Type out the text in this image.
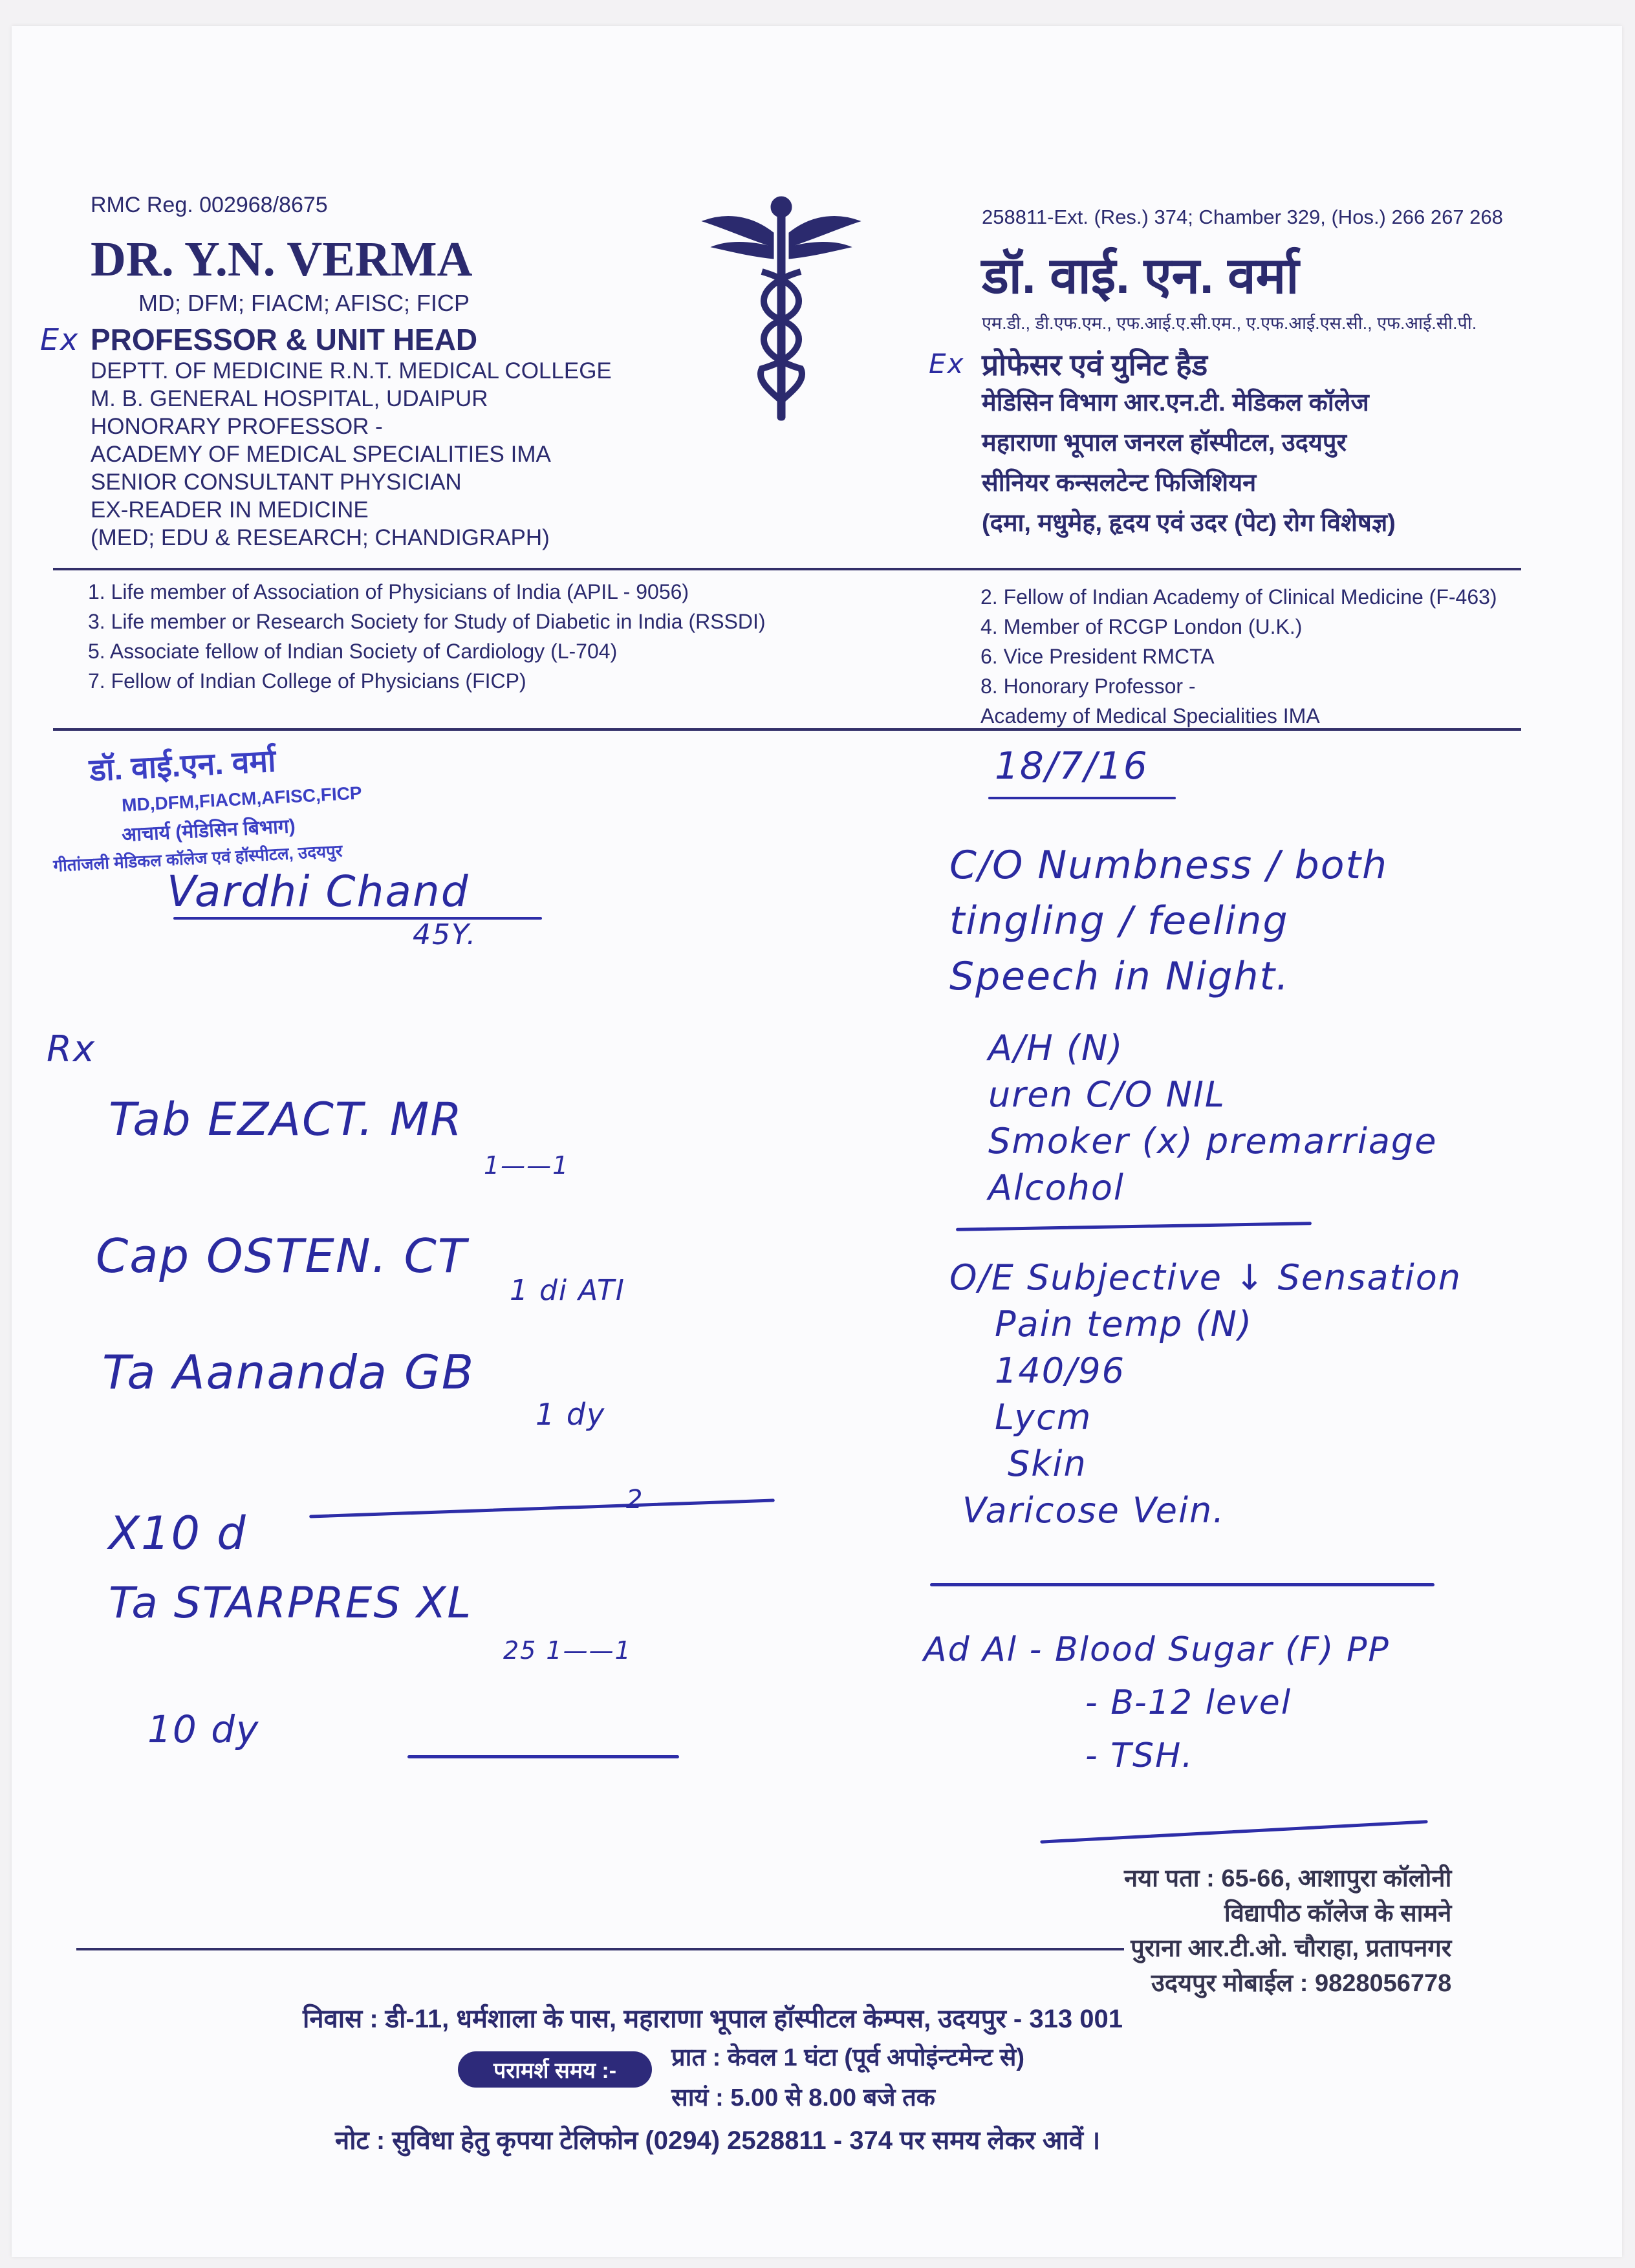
RMC Reg. 002968/8675
DR. Y.N. VERMA
MD; DFM; FIACM; AFISC; FICP
Ex PROFESSOR & UNIT HEAD
DEPTT. OF MEDICINE R.N.T. MEDICAL COLLEGE
M. B. GENERAL HOSPITAL, UDAIPUR
HONORARY PROFESSOR -
ACADEMY OF MEDICAL SPECIALITIES IMA
SENIOR CONSULTANT PHYSICIAN
EX-READER IN MEDICINE
(MED; EDU & RESEARCH; CHANDIGRAPH)
258811-Ext. (Res.) 374; Chamber 329, (Hos.) 266 267 268
डॉ. वाई. एन. वर्मा
एम.डी., डी.एफ.एम., एफ.आई.ए.सी.एम., ए.एफ.आई.एस.सी., एफ.आई.सी.पी.
Ex प्रोफेसर एवं युनिट हैड
मेडिसिन विभाग आर.एन.टी. मेडिकल कॉलेज
महाराणा भूपाल जनरल हॉस्पीटल, उदयपुर
सीनियर कन्सलटेन्ट फिजिशियन
(दमा, मधुमेह, हृदय एवं उदर (पेट) रोग विशेषज्ञ)
1. Life member of Association of Physicians of India (APIL - 9056)
3. Life member or Research Society for Study of Diabetic in India (RSSDI)
5. Associate fellow of Indian Society of Cardiology (L-704)
7. Fellow of Indian College of Physicians (FICP)
2. Fellow of Indian Academy of Clinical Medicine (F-463)
4. Member of RCGP London (U.K.)
6. Vice President RMCTA
8. Honorary Professor -
Academy of Medical Specialities IMA
डॉ. वाई.एन. वर्मा
MD,DFM,FIACM,AFISC,FICP
आचार्य (मेडिसिन बिभाग)
गीतांजली मेडिकल कॉलेज एवं हॉस्पीटल, उदयपुर
Vardhi Chand
45Y.
Rx
Tab EZACT. MR
1——1
Cap OSTEN. CT
1 di ATI
Ta Aananda GB
1 dy
X10 d
2
Ta STARPRES XL
25 1——1
10 dy
18/7/16
C/O Numbness / both
tingling / feeling
Speech in Night.
A/H (N)
uren C/O NIL
Smoker (x) premarriage
Alcohol
O/E Subjective ↓ Sensation
Pain temp (N)
140/96
Lycm
Skin
Varicose Vein.
Ad Al - Blood Sugar (F) PP
- B-12 level
- TSH.
नया पता : 65-66, आशापुरा कॉलोनी
विद्यापीठ कॉलेज के सामने
पुराना आर.टी.ओ. चौराहा, प्रतापनगर
उदयपुर मोबाईल : 9828056778
निवास : डी-11, धर्मशाला के पास, महाराणा भूपाल हॉस्पीटल केम्पस, उदयपुर - 313 001
परामर्श समय :-	प्रात : केवल 1 घंटा (पूर्व अपोइंन्टमेन्ट से)
सायं : 5.00 से 8.00 बजे तक
नोट : सुविधा हेतु कृपया टेलिफोन (0294) 2528811 - 374 पर समय लेकर आवें ।
